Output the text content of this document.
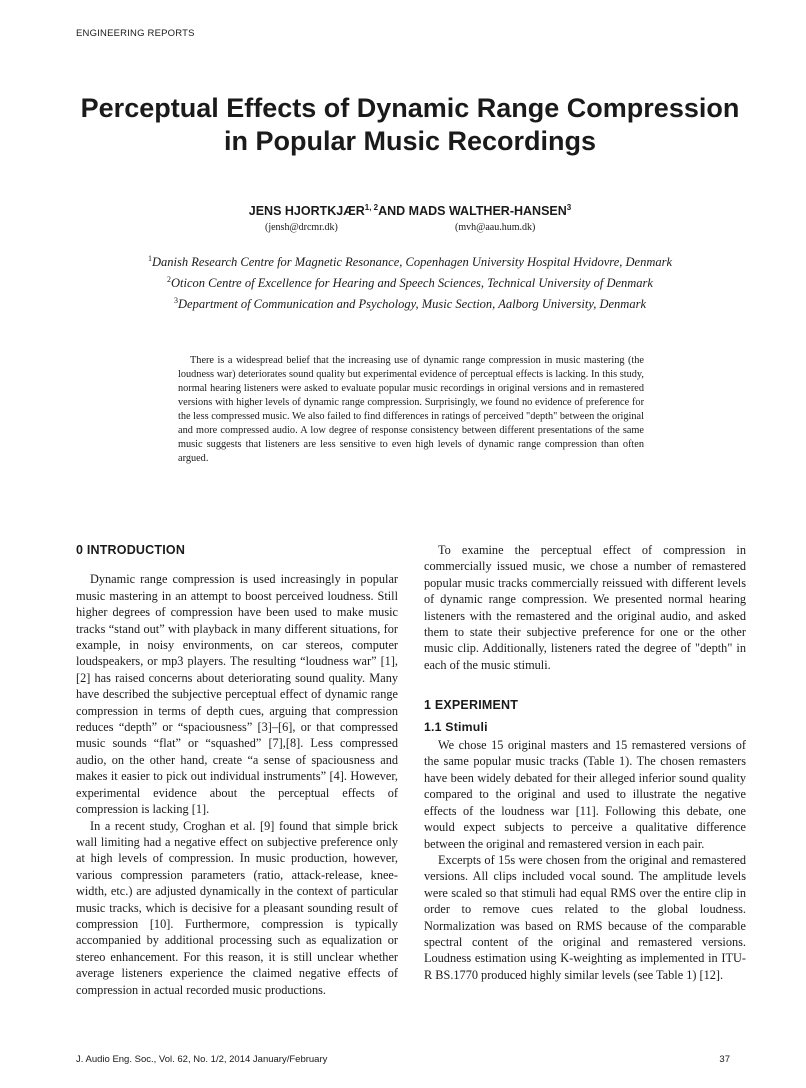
ENGINEERING REPORTS
Perceptual Effects of Dynamic Range Compression
in Popular Music Recordings
JENS HJORTKJÆR$^{1, 2}$AND MADS WALTHER-HANSEN$^3$
(jensh@drcmr.dk)	(mvh@aau.hum.dk)
$^1$Danish Research Centre for Magnetic Resonance, Copenhagen University Hospital Hvidovre, Denmark
$^2$Oticon Centre of Excellence for Hearing and Speech Sciences, Technical University of Denmark
$^3$Department of Communication and Psychology, Music Section, Aalborg University, Denmark

There is a widespread belief that the increasing use of dynamic range compression in music mastering (the loudness war) deteriorates sound quality but experimental evidence of perceptual effects is lacking. In this study, normal hearing listeners were asked to evaluate popular music recordings in original versions and in remastered versions with higher levels of dynamic range compression. Surprisingly, we found no evidence of preference for the less compressed music. We also failed to find differences in ratings of perceived "depth" between the original and more compressed audio. A low degree of response consistency between different presentations of the same music suggests that listeners are less sensitive to even high levels of dynamic range compression than often argued.

0 INTRODUCTION

Dynamic range compression is used increasingly in popular music mastering in an attempt to boost perceived loudness. Still higher degrees of compression have been used to make music tracks “stand out” with playback in many different situations, for example, in noisy environments, on car stereos, computer loudspeakers, or mp3 players. The resulting “loudness war” [1],[2] has raised concerns about deteriorating sound quality. Many have described the subjective perceptual effect of dynamic range compression in terms of depth cues, arguing that compression reduces “depth” or “spaciousness” [3]–[6], or that compressed music sounds “flat” or “squashed” [7],[8]. Less compressed audio, on the other hand, create “a sense of spaciousness and makes it easier to pick out individual instruments” [4]. However, experimental evidence about the perceptual effects of compression is lacking [1].

In a recent study, Croghan et al. [9] found that simple brick wall limiting had a negative effect on subjective preference only at high levels of compression. In music production, however, various compression parameters (ratio, attack-release, knee-width, etc.) are adjusted dynamically in the context of particular music tracks, which is decisive for a pleasant sounding result of compression [10]. Furthermore, compression is typically accompanied by additional processing such as equalization or stereo enhancement. For this reason, it is still unclear whether average listeners experience the claimed negative effects of compression in actual recorded music productions.

To examine the perceptual effect of compression in commercially issued music, we chose a number of remastered popular music tracks commercially reissued with different levels of dynamic range compression. We presented normal hearing listeners with the remastered and the original audio, and asked them to state their subjective preference for one or the other music clip. Additionally, listeners rated the degree of "depth" in each of the music stimuli.

1 EXPERIMENT
1.1 Stimuli

We chose 15 original masters and 15 remastered versions of the same popular music tracks (Table 1). The chosen remasters have been widely debated for their alleged inferior sound quality compared to the original and used to illustrate the negative effects of the loudness war [11]. Following this debate, one would expect subjects to perceive a qualitative difference between the original and remastered version in each pair.

Excerpts of 15s were chosen from the original and remastered versions. All clips included vocal sound. The amplitude levels were scaled so that stimuli had equal RMS over the entire clip in order to remove cues related to the global loudness. Normalization was based on RMS because of the comparable spectral content of the original and remastered versions. Loudness estimation using K-weighting as implemented in ITU-R BS.1770 produced highly similar levels (see Table 1) [12].

J. Audio Eng. Soc., Vol. 62, No. 1/2, 2014 January/February	37
